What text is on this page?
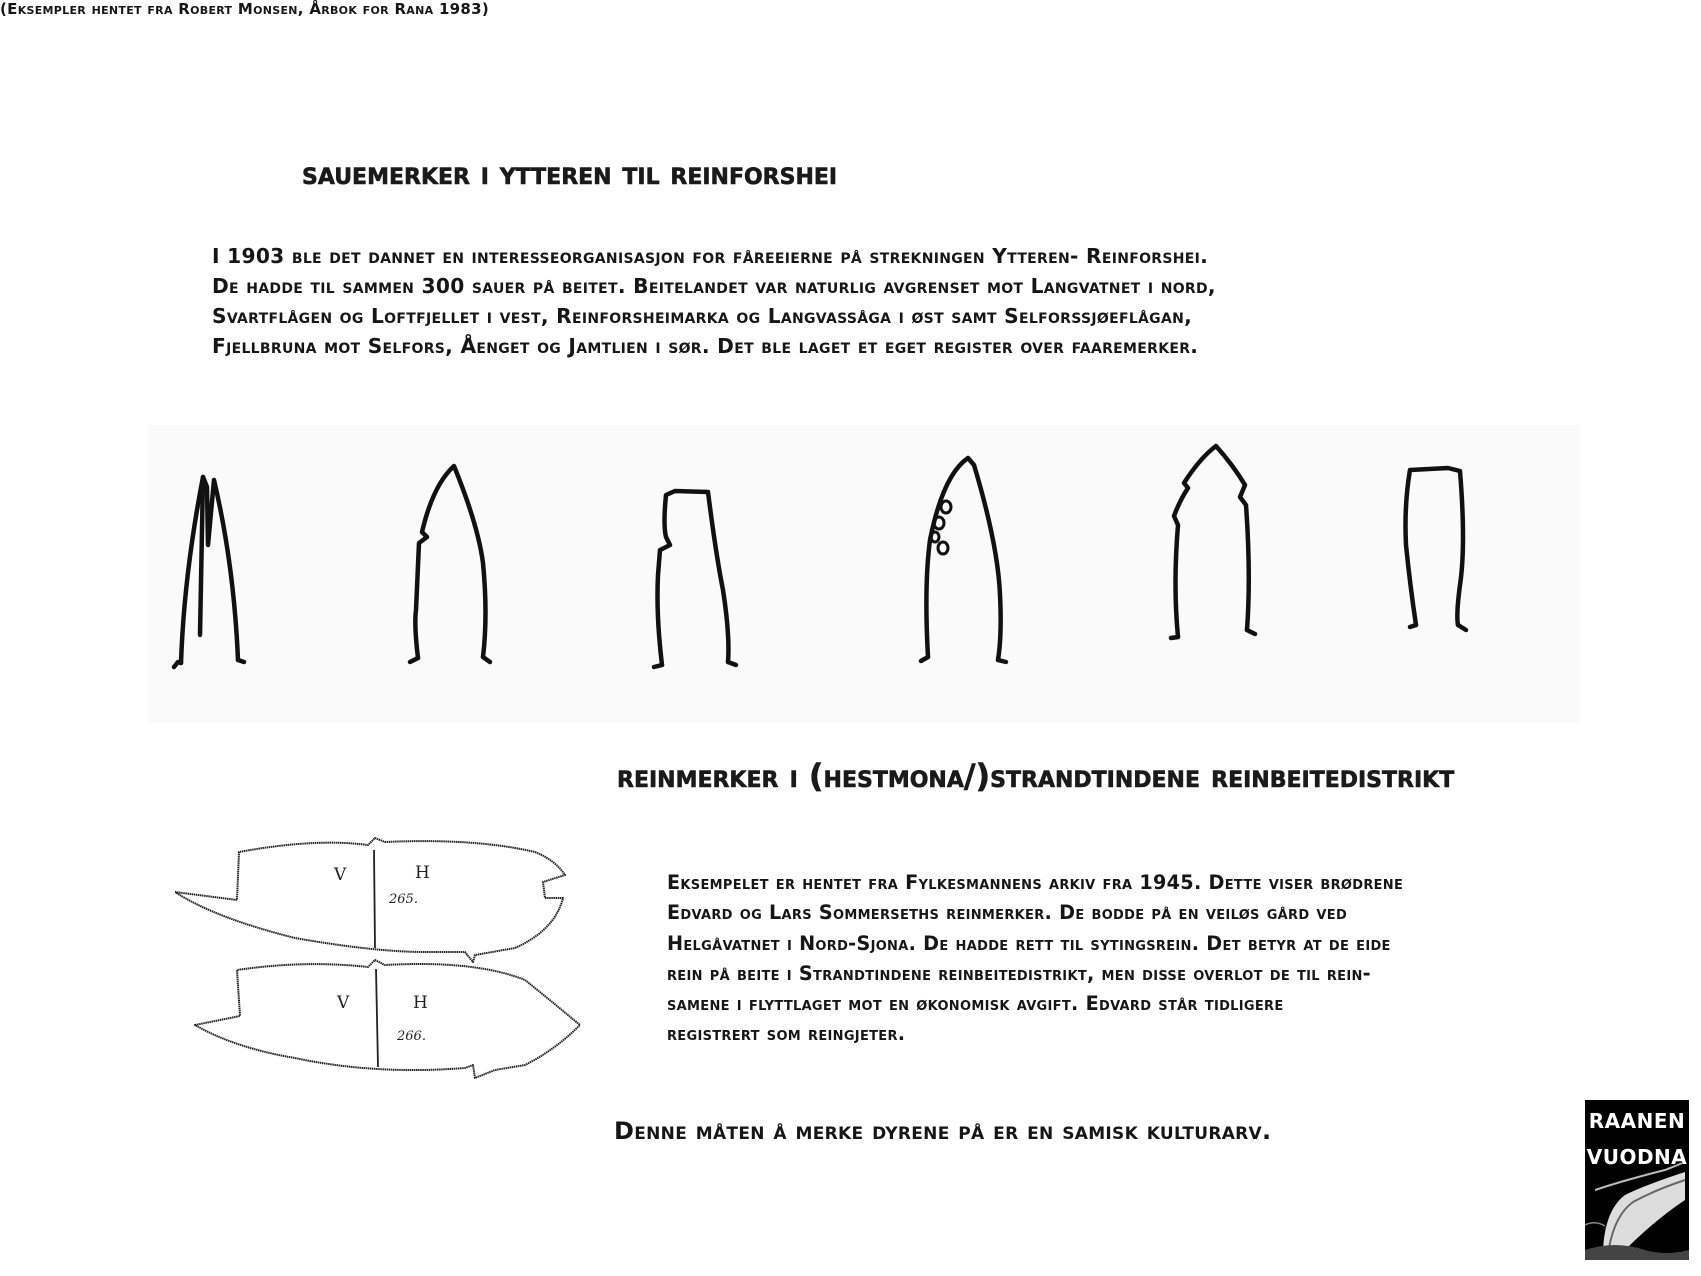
sauemerker i ytteren til reinforshei
I 1903 ble det dannet en interesseorganisasjon for fåreeierne på strekningen Ytteren- Reinforshei.
De hadde til sammen 300 sauer på beitet. Beitelandet var naturlig avgrenset mot Langvatnet i nord,
Svartflågen og Loftfjellet i vest, Reinforsheimarka og Langvassåga i øst samt Selforssjøeflågan,
Fjellbruna mot Selfors, Åenget og Jamtlien i sør. Det ble laget et eget register over faaremerker.
(Eksempler hentet fra Robert Monsen, Årbok for Rana 1983)
reinmerker i (hestmona/)strandtindene reinbeitedistrikt
V	H
265.
V	H
266.
Eksempelet er hentet fra Fylkesmannens arkiv fra 1945. Dette viser brødrene
Edvard og Lars Sommerseths reinmerker. De bodde på en veiløs gård ved
Helgåvatnet i Nord-Sjona. De hadde rett til sytingsrein. Det betyr at de eide
rein på beite i Strandtindene reinbeitedistrikt, men disse overlot de til rein-
samene i flyttlaget mot en økonomisk avgift. Edvard står tidligere
registrert som reingjeter.
Denne måten å merke dyrene på er en samisk kulturarv.	RAANEN
VUODNA
